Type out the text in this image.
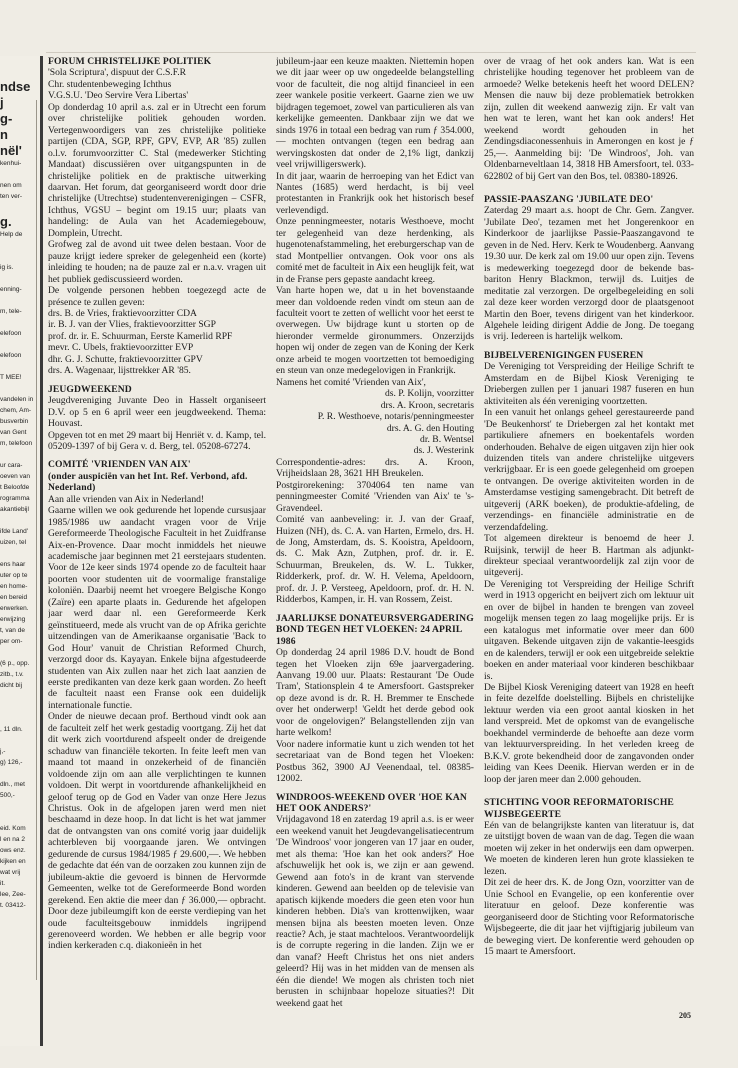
ndse
j
g-
n
nël'
kenhui-
nen om
ten ver-
g.
Help de
ig is.
enning-
m, tele-
elefoon
elefoon
T MEE!
vandelen in
chem, Am-
busverbin
van Gent
m, telefoon
ur cara-
oeven van
t Beloofde
rogramma
akantiebijl
ifde Land'
uizen, tel
ens haar
uter op te
en home-
en bereid
erwerken.
erwijzing
t, van de
per om-
(6 p., opp.
zitb., t.v.
dicht bij
, 11 dln.
j,-
g) 126,-
dln., met
500,-
eid. Kom
l en na 2
ows enz.
kijken en
wat vrij
it.
lee, Zee-
t. 03412-
FORUM CHRISTELIJKE POLITIEK

'Sola Scriptura', dispuut der C.S.F.R

Chr. studentenbeweging Ichthus

V.G.S.U. 'Deo Servire Vera Libertas'

Op donderdag 10 april a.s. zal er in Utrecht een forum over christelijke politiek gehouden worden. Vertegenwoordigers van zes christelijke politieke partijen (CDA, SGP, RPF, GPV, EVP, AR '85) zullen o.l.v. forumvoorzitter C. Stal (medewerker Stichting Mandaat) discussiëren over uitgangspunten in de christelijke politiek en de praktische uitwerking daarvan. Het forum, dat georganiseerd wordt door drie christelijke (Utrechtse) studentenverenigingen – CSFR, Ichthus, VGSU – begint om 19.15 uur; plaats van handeling: de Aula van het Academiegebouw, Domplein, Utrecht.

Grofweg zal de avond uit twee delen bestaan. Voor de pauze krijgt iedere spreker de gelegenheid een (korte) inleiding te houden; na de pauze zal er n.a.v. vragen uit het publiek gediscussieerd worden.

De volgende personen hebben toegezegd acte de présence te zullen geven:

drs. B. de Vries, fraktievoorzitter CDA

ir. B. J. van der Vlies, fraktievoorzitter SGP

prof. dr. ir. E. Schuurman, Eerste Kamerlid RPF

mevr. C. Ubels, fraktievoorzitter EVP

dhr. G. J. Schutte, fraktievoorzitter GPV

drs. A. Wagenaar, lijsttrekker AR '85.

JEUGDWEEKEND

Jeugdvereniging Juvante Deo in Hasselt organiseert D.V. op 5 en 6 april weer een jeugdweekend. Thema: Houvast.

Opgeven tot en met 29 maart bij Henriët v. d. Kamp, tel. 05209-1397 of bij Gera v. d. Berg, tel. 05208-67274.

COMITÉ 'VRIENDEN VAN AIX'
(onder auspiciën van het Int. Ref. Verbond, afd. Nederland)

Aan alle vrienden van Aix in Nederland!

Gaarne willen we ook gedurende het lopende cursusjaar 1985/1986 uw aandacht vragen voor de Vrije Gereformeerde Theologische Faculteit in het Zuidfranse Aix-en-Provence. Daar mocht inmiddels het nieuwe academische jaar beginnen met 21 eerstejaars studenten. Voor de 12e keer sinds 1974 opende zo de faculteit haar poorten voor studenten uit de voormalige franstalige koloniën. Daarbij neemt het vroegere Belgische Kongo (Zaïre) een aparte plaats in. Gedurende het afgelopen jaar werd daar nl. een Gereformeerde Kerk geïnstitueerd, mede als vrucht van de op Afrika gerichte uitzendingen van de Amerikaanse organisatie 'Back to God Hour' vanuit de Christian Reformed Church, verzorgd door ds. Kayayan. Enkele bijna afgestudeerde studenten van Aix zullen naar het zich laat aanzien de eerste predikanten van deze kerk gaan worden. Zo heeft de faculteit naast een Franse ook een duidelijk internationale functie.

Onder de nieuwe decaan prof. Berthoud vindt ook aan de faculteit zelf het werk gestadig voortgang. Zij het dat dit werk zich voortdurend afspeelt onder de dreigende schaduw van financiële tekorten. In feite leeft men van maand tot maand in onzekerheid of de financiën voldoende zijn om aan alle verplichtingen te kunnen voldoen. Dit werpt in voortdurende afhankelijkheid en geloof terug op de God en Vader van onze Here Jezus Christus. Ook in de afgelopen jaren werd men niet beschaamd in deze hoop. In dat licht is het wat jammer dat de ontvangsten van ons comité vorig jaar duidelijk achterbleven bij voorgaande jaren. We ontvingen gedurende de cursus 1984/1985 ƒ 29.600,—. We hebben de gedachte dat één van de oorzaken zou kunnen zijn de jubileum-aktie die gevoerd is binnen de Hervormde Gemeenten, welke tot de Gereformeerde Bond worden gerekend. Een aktie die meer dan ƒ 36.000,— opbracht. Door deze jubileumgift kon de eerste verdieping van het oude faculteitsgebouw inmiddels ingrijpend gerenoveerd worden. We hebben er alle begrip voor indien kerkeraden c.q. diakonieën in het

jubileum-jaar een keuze maakten. Niettemin hopen we dit jaar weer op uw ongedeelde belangstelling voor de faculteit, die nog altijd financieel in een zeer wankele positie verkeert. Gaarne zien we uw bijdragen tegemoet, zowel van particulieren als van kerkelijke gemeenten. Dankbaar zijn we dat we sinds 1976 in totaal een bedrag van rum ƒ 354.000,— mochten ontvangen (tegen een bedrag aan wervingskosten dat onder de 2,1% ligt, dankzij veel vrijwilligerswerk).

In dit jaar, waarin de herroeping van het Edict van Nantes (1685) werd herdacht, is bij veel protestanten in Frankrijk ook het historisch besef verlevendigd.

Onze penningmeester, notaris Westhoeve, mocht ter gelegenheid van deze herdenking, als hugenotenafstammeling, het ereburgerschap van de stad Montpellier ontvangen. Ook voor ons als comité met de faculteit in Aix een heuglijk feit, wat in de Franse pers gepaste aandacht kreeg.

Van harte hopen we, dat u in het bovenstaande meer dan voldoende reden vindt om steun aan de faculteit voort te zetten of wellicht voor het eerst te overwegen. Uw bijdrage kunt u storten op de hieronder vermelde gironummers. Onzerzijds hopen wij onder de zegen van de Koning der Kerk onze arbeid te mogen voortzetten tot bemoediging en steun van onze medegelovigen in Frankrijk.

Namens het comité 'Vrienden van Aix',

ds. P. Kolijn, voorzitter

drs. A. Kroon, secretaris

P. R. Westhoeve, notaris/penningmeester

drs. A. G. den Houting

dr. B. Wentsel

ds. J. Westerink

Correspondentie-adres: drs. A. Kroon, Vrijheidslaan 28, 3621 HH Breukelen.

Postgirorekening: 3704064 ten name van penningmeester Comité 'Vrienden van Aix' te 's-Gravendeel.

Comité van aanbeveling: ir. J. van der Graaf, Huizen (NH), ds. C. A. van Harten, Ermelo, drs. H. de Jong, Amsterdam, ds. S. Kooistra, Apeldoorn, ds. C. Mak Azn, Zutphen, prof. dr. ir. E. Schuurman, Breukelen, ds. W. L. Tukker, Ridderkerk, prof. dr. W. H. Velema, Apeldoorn, prof. dr. J. P. Versteeg, Apeldoorn, prof. dr. H. N. Ridderbos, Kampen, ir. H. van Rossem, Zeist.

JAARLIJKSE DONATEURSVERGADERING BOND TEGEN HET VLOEKEN: 24 APRIL 1986

Op donderdag 24 april 1986 D.V. houdt de Bond tegen het Vloeken zijn 69e jaarvergadering. Aanvang 19.00 uur. Plaats: Restaurant 'De Oude Tram', Stationsplein 4 te Amersfoort. Gastspreker op deze avond is dr. R. H. Bremmer te Enschede over het onderwerp! 'Geldt het derde gebod ook voor de ongelovigen?' Belangstellenden zijn van harte welkom!

Voor nadere informatie kunt u zich wenden tot het secretariaat van de Bond tegen het Vloeken: Postbus 362, 3900 AJ Veenendaal, tel. 08385-12002.

WINDROOS-WEEKEND OVER 'HOE KAN HET OOK ANDERS?'

Vrijdagavond 18 en zaterdag 19 april a.s. is er weer een weekend vanuit het Jeugdevangelisatiecentrum 'De Windroos' voor jongeren van 17 jaar en ouder, met als thema: 'Hoe kan het ook anders?' Hoe afschuwelijk het ook is, we zijn er aan gewend. Gewend aan foto's in de krant van stervende kinderen. Gewend aan beelden op de televisie van apatisch kijkende moeders die geen eten voor hun kinderen hebben. Dia's van krottenwijken, waar mensen bijna als beesten moeten leven. Onze reactie? Ach, je staat machteloos. Verantwoordelijk is de corrupte regering in die landen. Zijn we er dan vanaf? Heeft Christus het ons niet anders geleerd? Hij was in het midden van de mensen als één die diende! We mogen als christen toch niet berusten in schijnbaar hopeloze situaties?! Dit weekend gaat het

over de vraag of het ook anders kan. Wat is een christelijke houding tegenover het probleem van de armoede? Welke betekenis heeft het woord DELEN? Mensen die nauw bij deze problematiek betrokken zijn, zullen dit weekend aanwezig zijn. Er valt van hen wat te leren, want het kan ook anders! Het weekend wordt gehouden in het Zendingsdiaconessenhuis in Amerongen en kost je ƒ 25,—. Aanmelding bij: 'De Windroos', Joh. van Oldenbarneveltlaan 14, 3818 HB Amersfoort, tel. 033-622802 of bij Gert van den Bos, tel. 08380-18926.

PASSIE-PAASZANG 'JUBILATE DEO'

Zaterdag 29 maart a.s. hoopt de Chr. Gem. Zangver. 'Jubilate Deo', tezamen met het Jongerenkoor en Kinderkoor de jaarlijkse Passie-Paaszangavond te geven in de Ned. Herv. Kerk te Woudenberg. Aanvang 19.30 uur. De kerk zal om 19.00 uur open zijn. Tevens is medewerking toegezegd door de bekende bas-bariton Henry Blackmon, terwijl ds. Luitjes de meditatie zal verzorgen. De orgelbegeleiding en soli zal deze keer worden verzorgd door de plaatsgenoot Martin den Boer, tevens dirigent van het kinderkoor. Algehele leiding dirigent Addie de Jong. De toegang is vrij. Iedereen is hartelijk welkom.

BIJBELVERENIGINGEN FUSEREN

De Vereniging tot Verspreiding der Heilige Schrift te Amsterdam en de Bijbel Kiosk Vereniging te Driebergen zullen per 1 januari 1987 fuseren en hun aktiviteiten als één vereniging voortzetten.

In een vanuit het onlangs geheel gerestaureerde pand 'De Beukenhorst' te Driebergen zal het kontakt met partikuliere afnemers en boekentafels worden onderhouden. Behalve de eigen uitgaven zijn hier ook duizenden titels van andere christelijke uitgevers verkrijgbaar. Er is een goede gelegenheid om groepen te ontvangen. De overige aktiviteiten worden in de Amsterdamse vestiging samengebracht. Dit betreft de uitgeverij (ARK boeken), de produktie-afdeling, de verzendings- en financiële administratie en de verzendafdeling.

Tot algemeen direkteur is benoemd de heer J. Ruijsink, terwijl de heer B. Hartman als adjunkt-direkteur speciaal verantwoordelijk zal zijn voor de uitgeverij.

De Vereniging tot Verspreiding der Heilige Schrift werd in 1913 opgericht en beijvert zich om lektuur uit en over de bijbel in handen te brengen van zoveel mogelijk mensen tegen zo laag mogelijke prijs. Er is een katalogus met informatie over meer dan 600 uitgaven. Bekende uitgaven zijn de vakantie-leesgids en de kalenders, terwijl er ook een uitgebreide selektie boeken en ander materiaal voor kinderen beschikbaar is.

De Bijbel Kiosk Vereniging dateert van 1928 en heeft in feite dezelfde doelstelling. Bijbels en christelijke lektuur werden via een groot aantal kiosken in het land verspreid. Met de opkomst van de evangelische boekhandel verminderde de behoefte aan deze vorm van lektuurverspreiding. In het verleden kreeg de B.K.V. grote bekendheid door de zangavonden onder leiding van Kees Deenik. Hiervan werden er in de loop der jaren meer dan 2.000 gehouden.

STICHTING VOOR REFORMATORISCHE WIJSBEGEERTE

Eén van de belangrijkste kanten van literatuur is, dat ze uitstijgt boven de waan van de dag. Tegen die waan moeten wij zeker in het onderwijs een dam opwerpen. We moeten de kinderen leren hun grote klassieken te lezen.

Dit zei de heer drs. K. de Jong Ozn, voorzitter van de Unie School en Evangelie, op een konferentie over literatuur en geloof. Deze konferentie was georganiseerd door de Stichting voor Reformatorische Wijsbegeerte, die dit jaar het vijftigjarig jubileum van de beweging viert. De konferentie werd gehouden op 15 maart te Amersfoort.

205
